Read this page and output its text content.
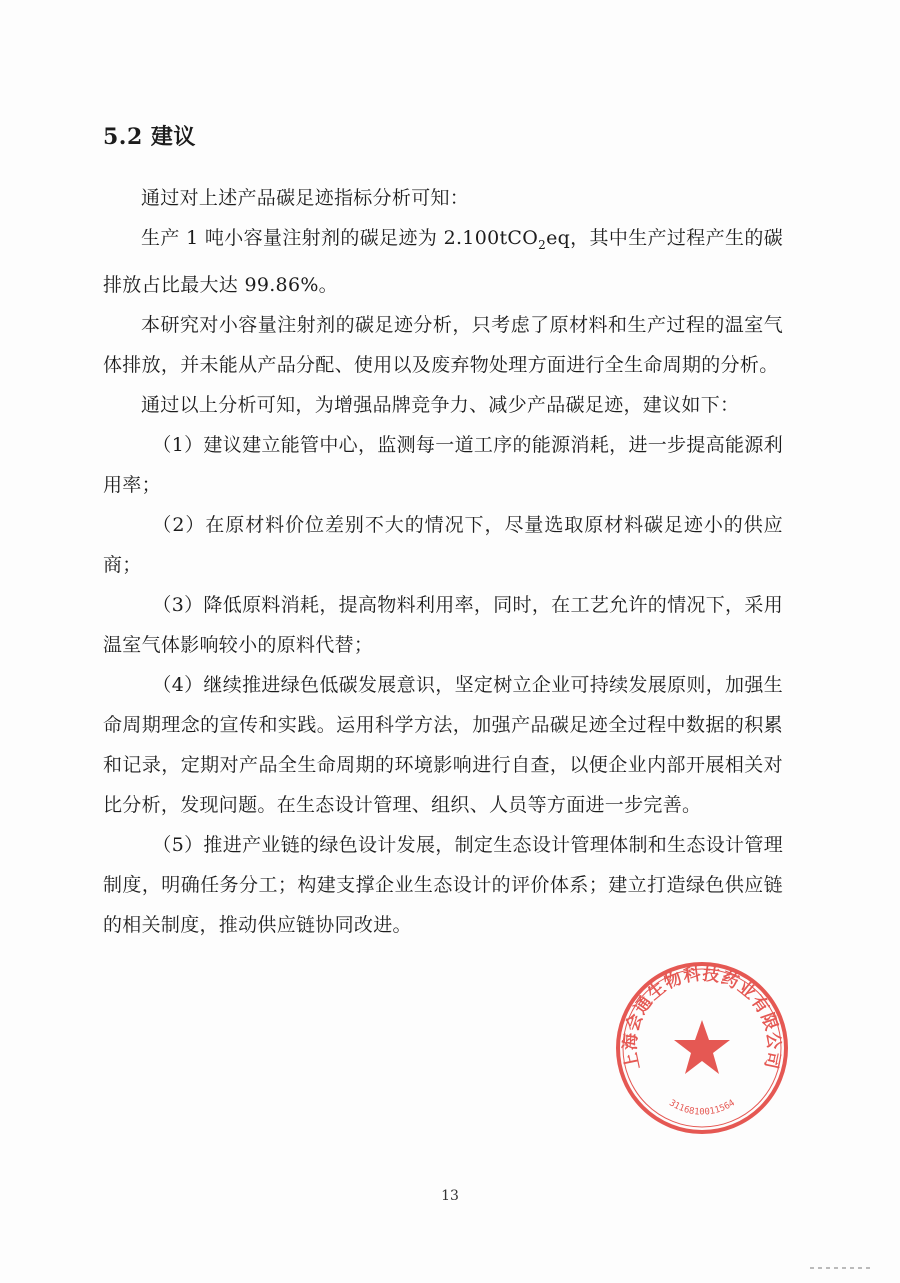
5.2 建议

通过对上述产品碳足迹指标分析可知：

生产 1 吨小容量注射剂的碳足迹为 2.100tCO$_2$eq，其中生产过程产生的碳排放占比最大达 99.86%。

本研究对小容量注射剂的碳足迹分析，只考虑了原材料和生产过程的温室气体排放，并未能从产品分配、使用以及废弃物处理方面进行全生命周期的分析。

通过以上分析可知，为增强品牌竞争力、减少产品碳足迹，建议如下：

（1）建议建立能管中心，监测每一道工序的能源消耗，进一步提高能源利用率；

（2）在原材料价位差别不大的情况下，尽量选取原材料碳足迹小的供应商；

（3）降低原料消耗，提高物料利用率，同时，在工艺允许的情况下，采用温室气体影响较小的原料代替；

（4）继续推进绿色低碳发展意识，坚定树立企业可持续发展原则，加强生命周期理念的宣传和实践。运用科学方法，加强产品碳足迹全过程中数据的积累和记录，定期对产品全生命周期的环境影响进行自查，以便企业内部开展相关对比分析，发现问题。在生态设计管理、组织、人员等方面进一步完善。

（5）推进产业链的绿色设计发展，制定生态设计管理体制和生态设计管理制度，明确任务分工；构建支撑企业生态设计的评价体系；建立打造绿色供应链的相关制度，推动供应链协同改进。

上海会通生物科技药业有限公司
3116810011564
13
